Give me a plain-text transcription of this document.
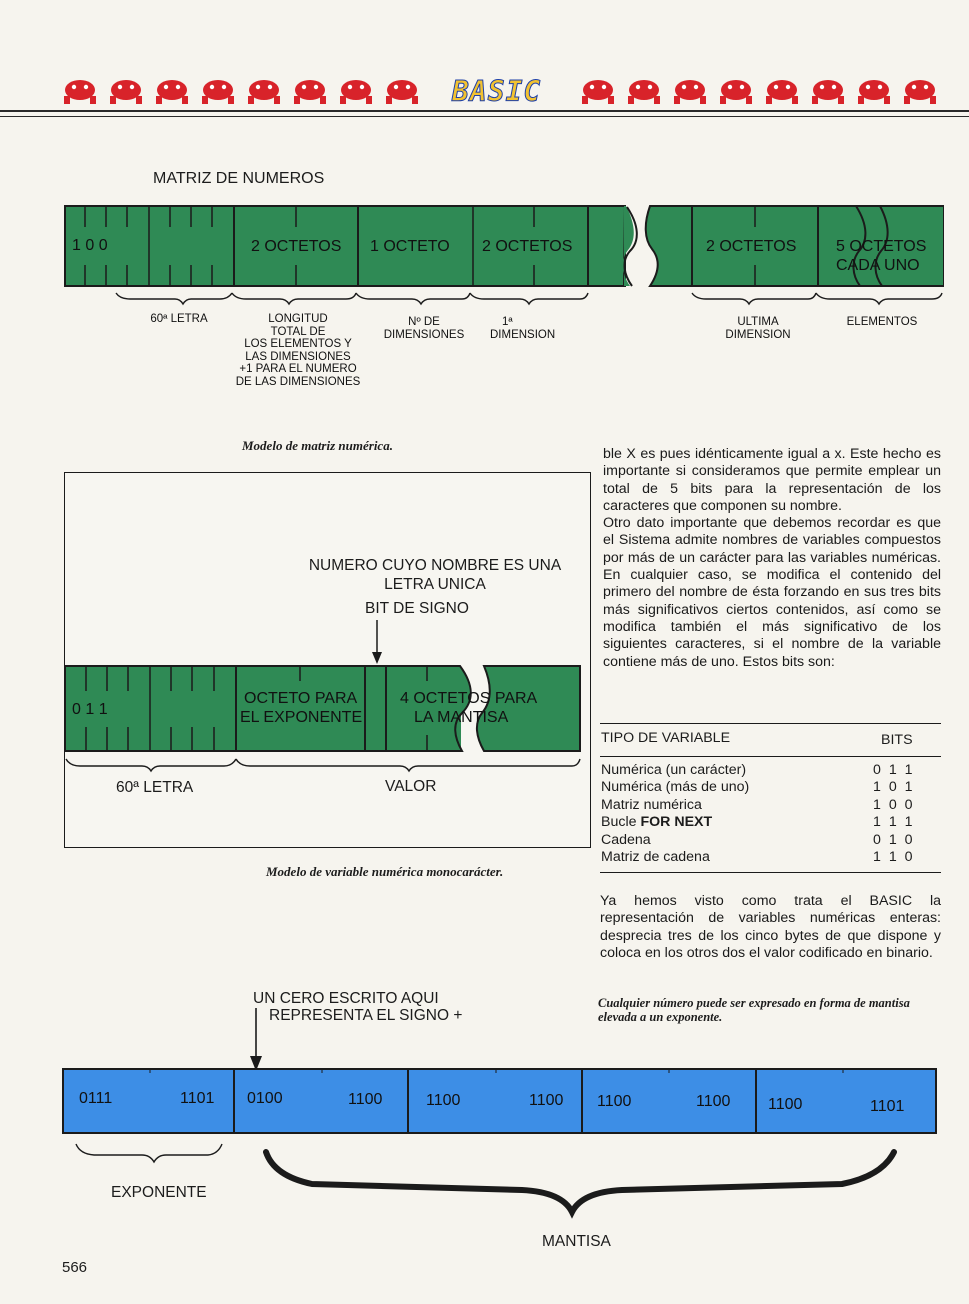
BASIC
MATRIZ DE NUMEROS
1 0 0	2 OCTETOS 1 OCTETO 2 OCTETOS	2 OCTETOS 5 OCTETOS
CADA UNO
60ª LETRA	LONGITUD
TOTAL DE
LOS ELEMENTOS Y
LAS DIMENSIONES
+1 PARA EL NUMERO
DE LAS DIMENSIONES
Nº DE
DIMENSIONES
1ª
DIMENSION
ULTIMA
DIMENSION
ELEMENTOS
Modelo de matriz numérica.
NUMERO CUYO NOMBRE ES UNA
LETRA UNICA
BIT DE SIGNO
0 1 1
OCTETO PARA
EL EXPONENTE
4 OCTETOS PARA
LA MANTISA
60ª LETRA	VALOR
Modelo de variable numérica monocarácter.

ble X es pues idénticamente igual a x. Este hecho es importante si consideramos que permite emplear un total de 5 bits para la representación de los caracteres que componen su nombre.

Otro dato importante que debemos recordar es que el Sistema admite nombres de variables compuestos por más de un carácter para las variables numéricas. En cualquier caso, se modifica el contenido del primero del nombre de ésta forzando en sus tres bits más significativos ciertos contenidos, así como se modifica también el más significativo de los siguientes caracteres, si el nombre de la variable contiene más de uno. Estos bits son:

TIPO DE VARIABLE	BITS
Numérica (un carácter)	0 1 1
Numérica (más de uno)	1 0 1
Matriz numérica	1 0 0
Bucle FOR NEXT	1 1 1
Cadena	0 1 0
Matriz de cadena	1 1 0

Ya hemos visto como trata el BASIC la representación de variables numéricas enteras: desprecia tres de los cinco bytes de que dispone y coloca en los otros dos el valor codificado en binario.

Cualquier número puede ser expresado en forma de mantisa elevada a un exponente.
UN CERO ESCRITO AQUI
REPRESENTA EL SIGNO +
0111	1101 0100	1100	1100	1100 1100	1100 1100	1101
EXPONENTE
MANTISA
566
